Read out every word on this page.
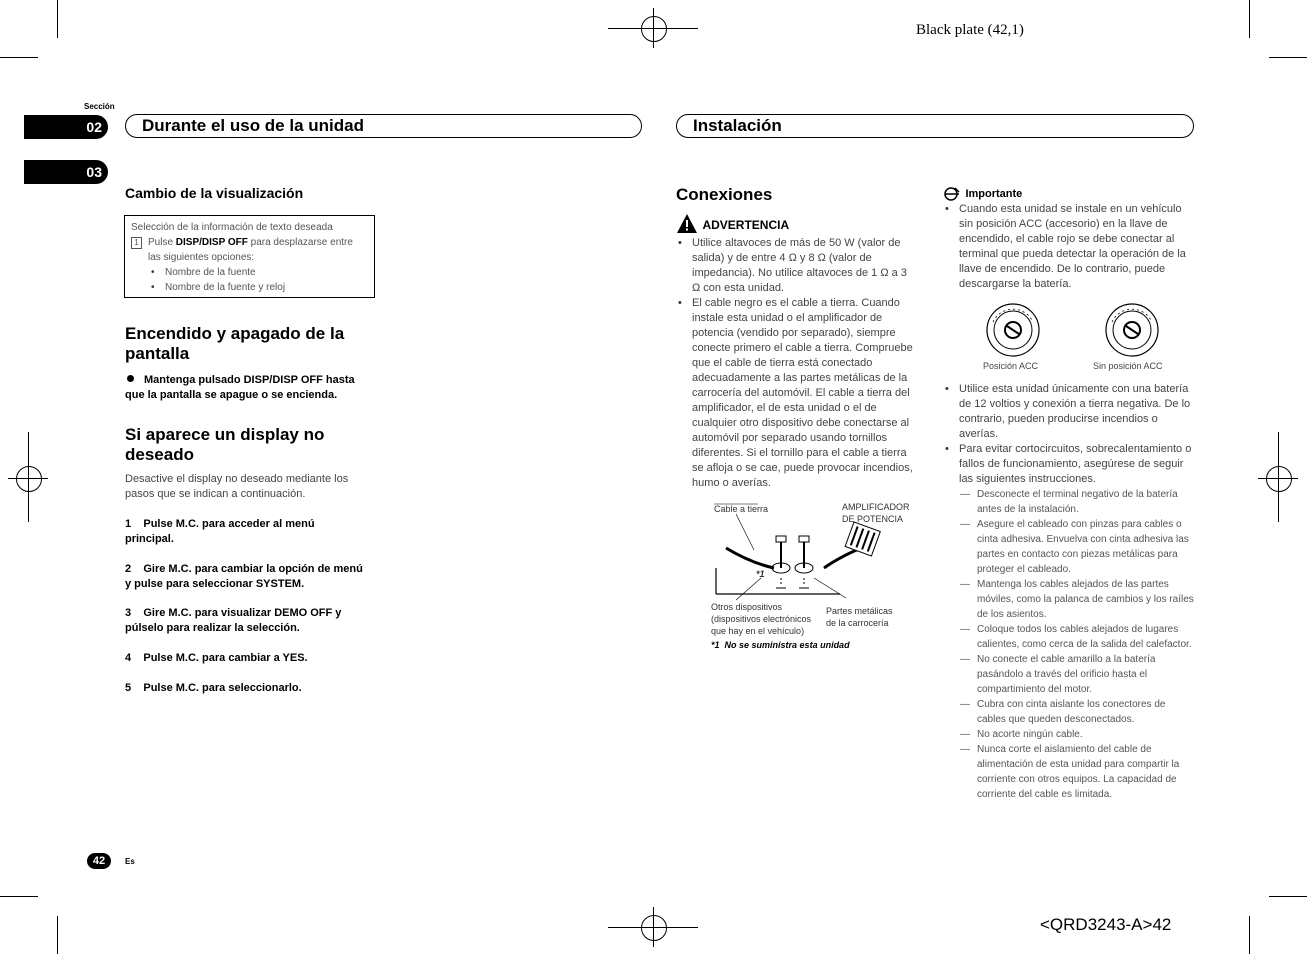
Black plate (42,1)
<QRD3243-A>42
Sección
02
03
Durante el uso de la unidad	Instalación
Cambio de la visualización
Selección de la información de texto deseada
1 Pulse DISP/DISP OFF para desplazarse entre las siguientes opciones:
• Nombre de la fuente
• Nombre de la fuente y reloj
Encendido y apagado de la pantalla
Mantenga pulsado DISP/DISP OFF hasta que la pantalla se apague o se encienda.
Si aparece un display no deseado
Desactive el display no deseado mediante los pasos que se indican a continuación.
1 Pulse M.C. para acceder al menú principal.
2 Gire M.C. para cambiar la opción de menú y pulse para seleccionar SYSTEM.
3 Gire M.C. para visualizar DEMO OFF y púlselo para realizar la selección.
4 Pulse M.C. para cambiar a YES.
5 Pulse M.C. para seleccionarlo.
42	Es
Conexiones
ADVERTENCIA
• Utilice altavoces de más de 50 W (valor de salida) y de entre 4 Ω y 8 Ω (valor de impedancia). No utilice altavoces de 1 Ω a 3 Ω con esta unidad.
• El cable negro es el cable a tierra. Cuando instale esta unidad o el amplificador de potencia (vendido por separado), siempre conecte primero el cable a tierra. Compruebe que el cable de tierra está conectado adecuadamente a las partes metálicas de la carrocería del automóvil. El cable a tierra del amplificador, el de esta unidad o el de cualquier otro dispositivo debe conectarse al automóvil por separado usando tornillos diferentes. Si el tornillo para el cable a tierra se afloja o se cae, puede provocar incendios, humo o averías.
Cable a tierra	AMPLIFICADOR
DE POTENCIA
*1
Otros dispositivos
(dispositivos electrónicos
que hay en el vehículo)
Partes metálicas
de la carrocería
*1 No se suministra esta unidad
Importante
• Cuando esta unidad se instale en un vehículo sin posición ACC (accesorio) en la llave de encendido, el cable rojo se debe conectar al terminal que pueda detectar la operación de la llave de encendido. De lo contrario, puede descargarse la batería.
Posición ACC	Sin posición ACC
• Utilice esta unidad únicamente con una batería de 12 voltios y conexión a tierra negativa. De lo contrario, pueden producirse incendios o averías.
• Para evitar cortocircuitos, sobrecalentamiento o fallos de funcionamiento, asegúrese de seguir las siguientes instrucciones.
— Desconecte el terminal negativo de la batería antes de la instalación.
— Asegure el cableado con pinzas para cables o cinta adhesiva. Envuelva con cinta adhesiva las partes en contacto con piezas metálicas para proteger el cableado.
— Mantenga los cables alejados de las partes móviles, como la palanca de cambios y los raíles de los asientos.
— Coloque todos los cables alejados de lugares calientes, como cerca de la salida del calefactor.
— No conecte el cable amarillo a la batería pasándolo a través del orificio hasta el compartimiento del motor.
— Cubra con cinta aislante los conectores de cables que queden desconectados.
— No acorte ningún cable.
— Nunca corte el aislamiento del cable de alimentación de esta unidad para compartir la corriente con otros equipos. La capacidad de corriente del cable es limitada.
